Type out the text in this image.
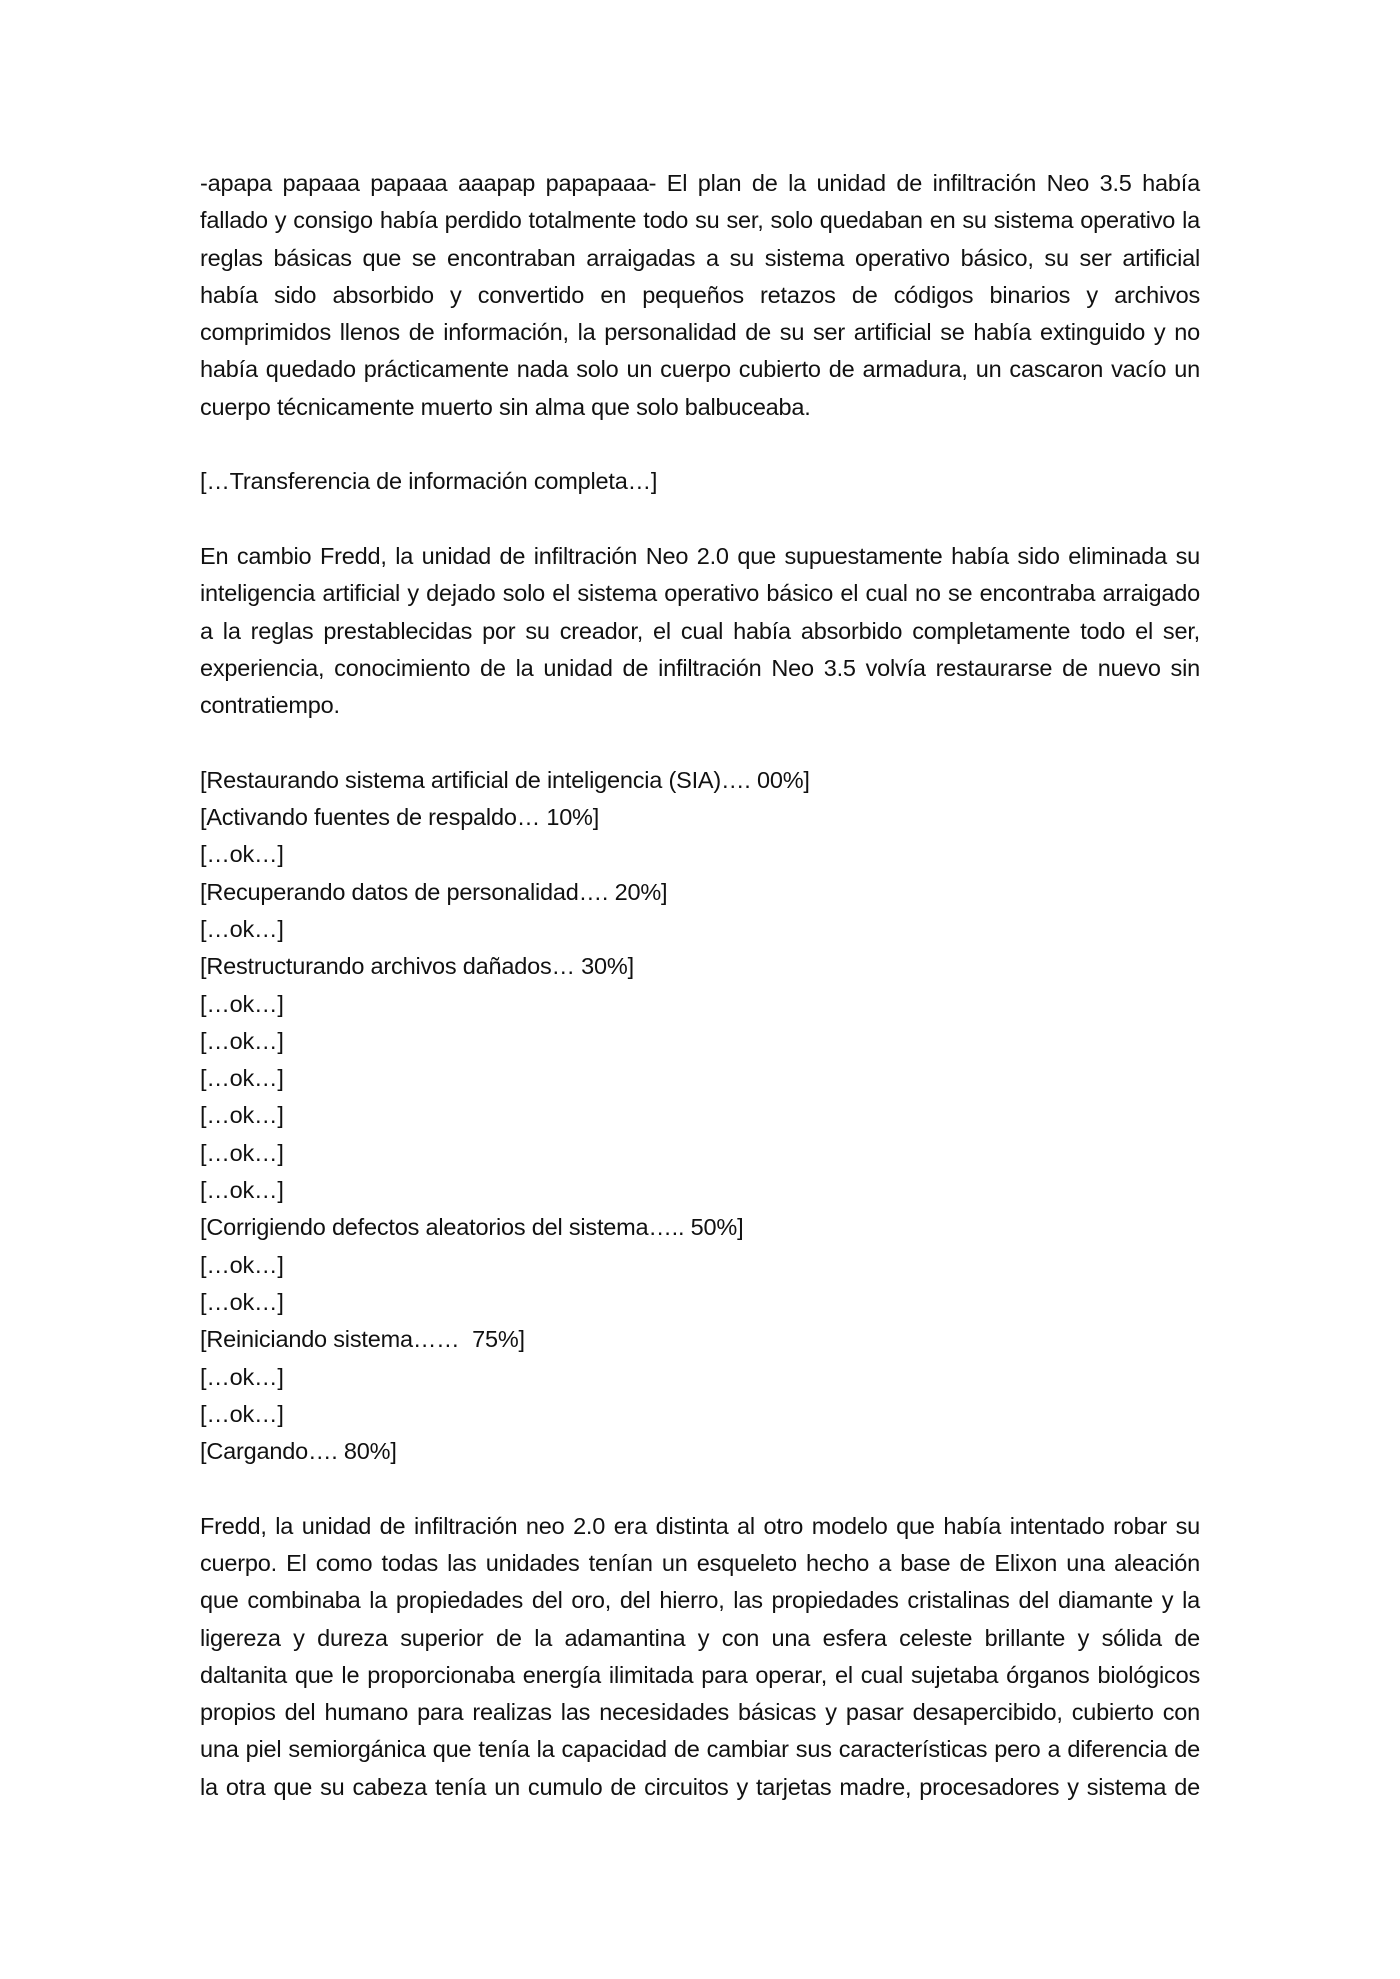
-apapa papaaa papaaa aaapap papapaaa- El plan de la unidad de infiltración Neo 3.5 había fallado y consigo había perdido totalmente todo su ser, solo quedaban en su sistema operativo la reglas básicas que se encontraban arraigadas a su sistema operativo básico, su ser artificial había sido absorbido y convertido en pequeños retazos de códigos binarios y archivos comprimidos llenos de información, la personalidad de su ser artificial se había extinguido y no había quedado prácticamente nada solo un cuerpo cubierto de armadura, un cascaron vacío un cuerpo técnicamente muerto sin alma que solo balbuceaba.

[…Transferencia de información completa…]

En cambio Fredd, la unidad de infiltración Neo 2.0 que supuestamente había sido eliminada su inteligencia artificial y dejado solo el sistema operativo básico el cual no se encontraba arraigado a la reglas prestablecidas por su creador, el cual había absorbido completamente todo el ser, experiencia, conocimiento de la unidad de infiltración Neo 3.5 volvía restaurarse de nuevo sin contratiempo.

[Restaurando sistema artificial de inteligencia (SIA)…. 00%]

[Activando fuentes de respaldo… 10%]

[…ok…]

[Recuperando datos de personalidad…. 20%]

[…ok…]

[Restructurando archivos dañados… 30%]

[…ok…]

[…ok…]

[…ok…]

[…ok…]

[…ok…]

[…ok…]

[Corrigiendo defectos aleatorios del sistema….. 50%]

[…ok…]

[…ok…]

[Reiniciando sistema……  75%]

[…ok…]

[…ok…]

[Cargando…. 80%]

Fredd, la unidad de infiltración neo 2.0 era distinta al otro modelo que había intentado robar su cuerpo. El como todas las unidades tenían un esqueleto hecho a base de Elixon una aleación que combinaba la propiedades del oro, del hierro, las propiedades cristalinas del diamante y la ligereza y dureza superior de la adamantina y con una esfera celeste brillante y sólida de daltanita que le proporcionaba energía ilimitada para operar, el cual sujetaba órganos biológicos propios del humano para realizas las necesidades básicas y pasar desapercibido, cubierto con una piel semiorgánica que tenía la capacidad de cambiar sus características pero a diferencia de la otra que su cabeza tenía un cumulo de circuitos y tarjetas madre, procesadores y sistema de
